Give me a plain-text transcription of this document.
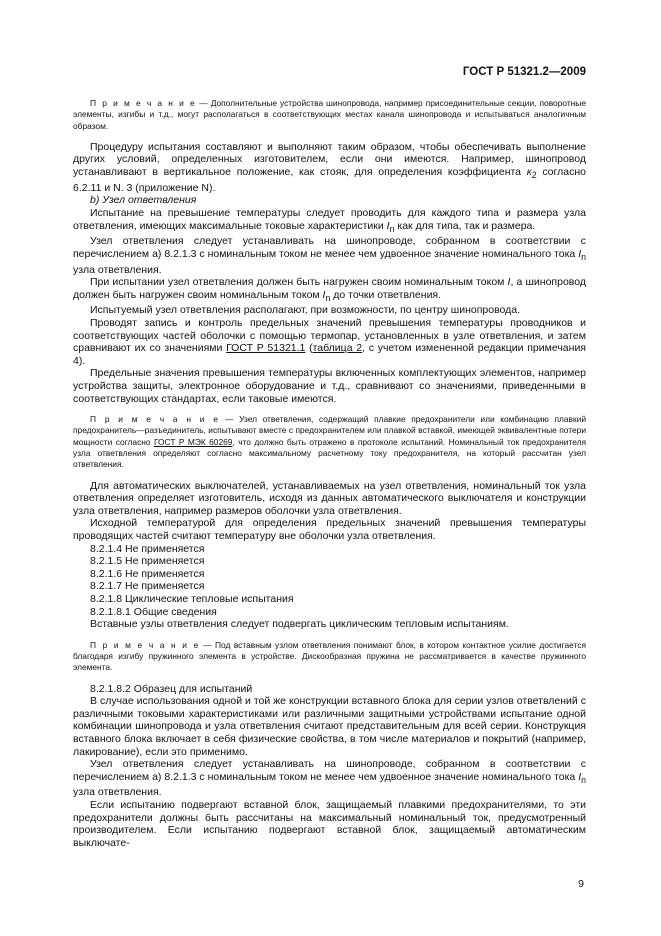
ГОСТ Р 51321.2—2009

П р и м е ч а н и е — Дополнительные устройства шинопровода, например присоединительные секции, поворотные элементы, изгибы и т.д., могут располагаться в соответствующих местах канала шинопровода и испытываться аналогичным образом.

Процедуру испытания составляют и выполняют таким образом, чтобы обеспечивать выполнение других условий, определенных изготовителем, если они имеются. Например, шинопровод устанавливают в вертикальное положение, как стояк, для определения коэффициента $к_2$ согласно 6.2.11 и N. 3 (приложение N).

b) Узел ответвления

Испытание на превышение температуры следует проводить для каждого типа и размера узла ответвления, имеющих максимальные токовые характеристики $I_n$ как для типа, так и размера.

Узел ответвления следует устанавливать на шинопроводе, собранном в соответствии с перечислением а) 8.2.1.3 с номинальным током не менее чем удвоенное значение номинального тока $I_n$ узла ответвления.

При испытании узел ответвления должен быть нагружен своим номинальным током I, а шинопровод должен быть нагружен своим номинальным током $I_n$ до точки ответвления.

Испытуемый узел ответвления располагают, при возможности, по центру шинопровода.

Проводят запись и контроль предельных значений превышения температуры проводников и соответствующих частей оболочки с помощью термопар, установленных в узле ответвления, и затем сравнивают их со значениями ГОСТ Р 51321.1 (таблица 2, с учетом измененной редакции примечания 4).

Предельные значения превышения температуры включенных комплектующих элементов, например устройства защиты, электронное оборудование и т.д., сравнивают со значениями, приведенными в соответствующих стандартах, если таковые имеются.

П р и м е ч а н и е — Узел ответвления, содержащий плавкие предохранители или комбинацию плавкий предохранитель—разъединитель, испытывают вместе с предохранителем или плавкой вставкой, имеющей эквивалентные потери мощности согласно ГОСТ Р МЭК 60269, что должно быть отражено в протоколе испытаний. Номинальный ток предохранителя узла ответвления определяют согласно максимальному расчетному току предохранителя, на который рассчитан узел ответвления.

Для автоматических выключателей, устанавливаемых на узел ответвления, номинальный ток узла ответвления определяет изготовитель, исходя из данных автоматического выключателя и конструкции узла ответвления, например размеров оболочки узла ответвления.

Исходной температурой для определения предельных значений превышения температуры проводящих частей считают температуру вне оболочки узла ответвления.

8.2.1.4 Не применяется

8.2.1.5 Не применяется

8.2.1.6 Не применяется

8.2.1.7 Не применяется

8.2.1.8 Циклические тепловые испытания

8.2.1.8.1 Общие сведения

Вставные узлы ответвления следует подвергать циклическим тепловым испытаниям.

П р и м е ч а н и е — Под вставным узлом ответвления понимают блок, в котором контактное усилие достигается благодаря изгибу пружинного элемента в устройстве. Дискообразная пружина не рассматривается в качестве пружинного элемента.

8.2.1.8.2 Образец для испытаний

В случае использования одной и той же конструкции вставного блока для серии узлов ответвлений с различными токовыми характеристиками или различными защитными устройствами испытание одной комбинации шинопровода и узла ответвления считают представительным для всей серии. Конструкция вставного блока включает в себя физические свойства, в том числе материалов и покрытий (например, лакирование), если это применимо.

Узел ответвления следует устанавливать на шинопроводе, собранном в соответствии с перечислением а) 8.2.1.3 с номинальным током не менее чем удвоенное значение номинального тока $I_n$ узла ответвления.

Если испытанию подвергают вставной блок, защищаемый плавкими предохранителями, то эти предохранители должны быть рассчитаны на максимальный номинальный ток, предусмотренный производителем. Если испытанию подвергают вставной блок, защищаемый автоматическим выключате-

9
